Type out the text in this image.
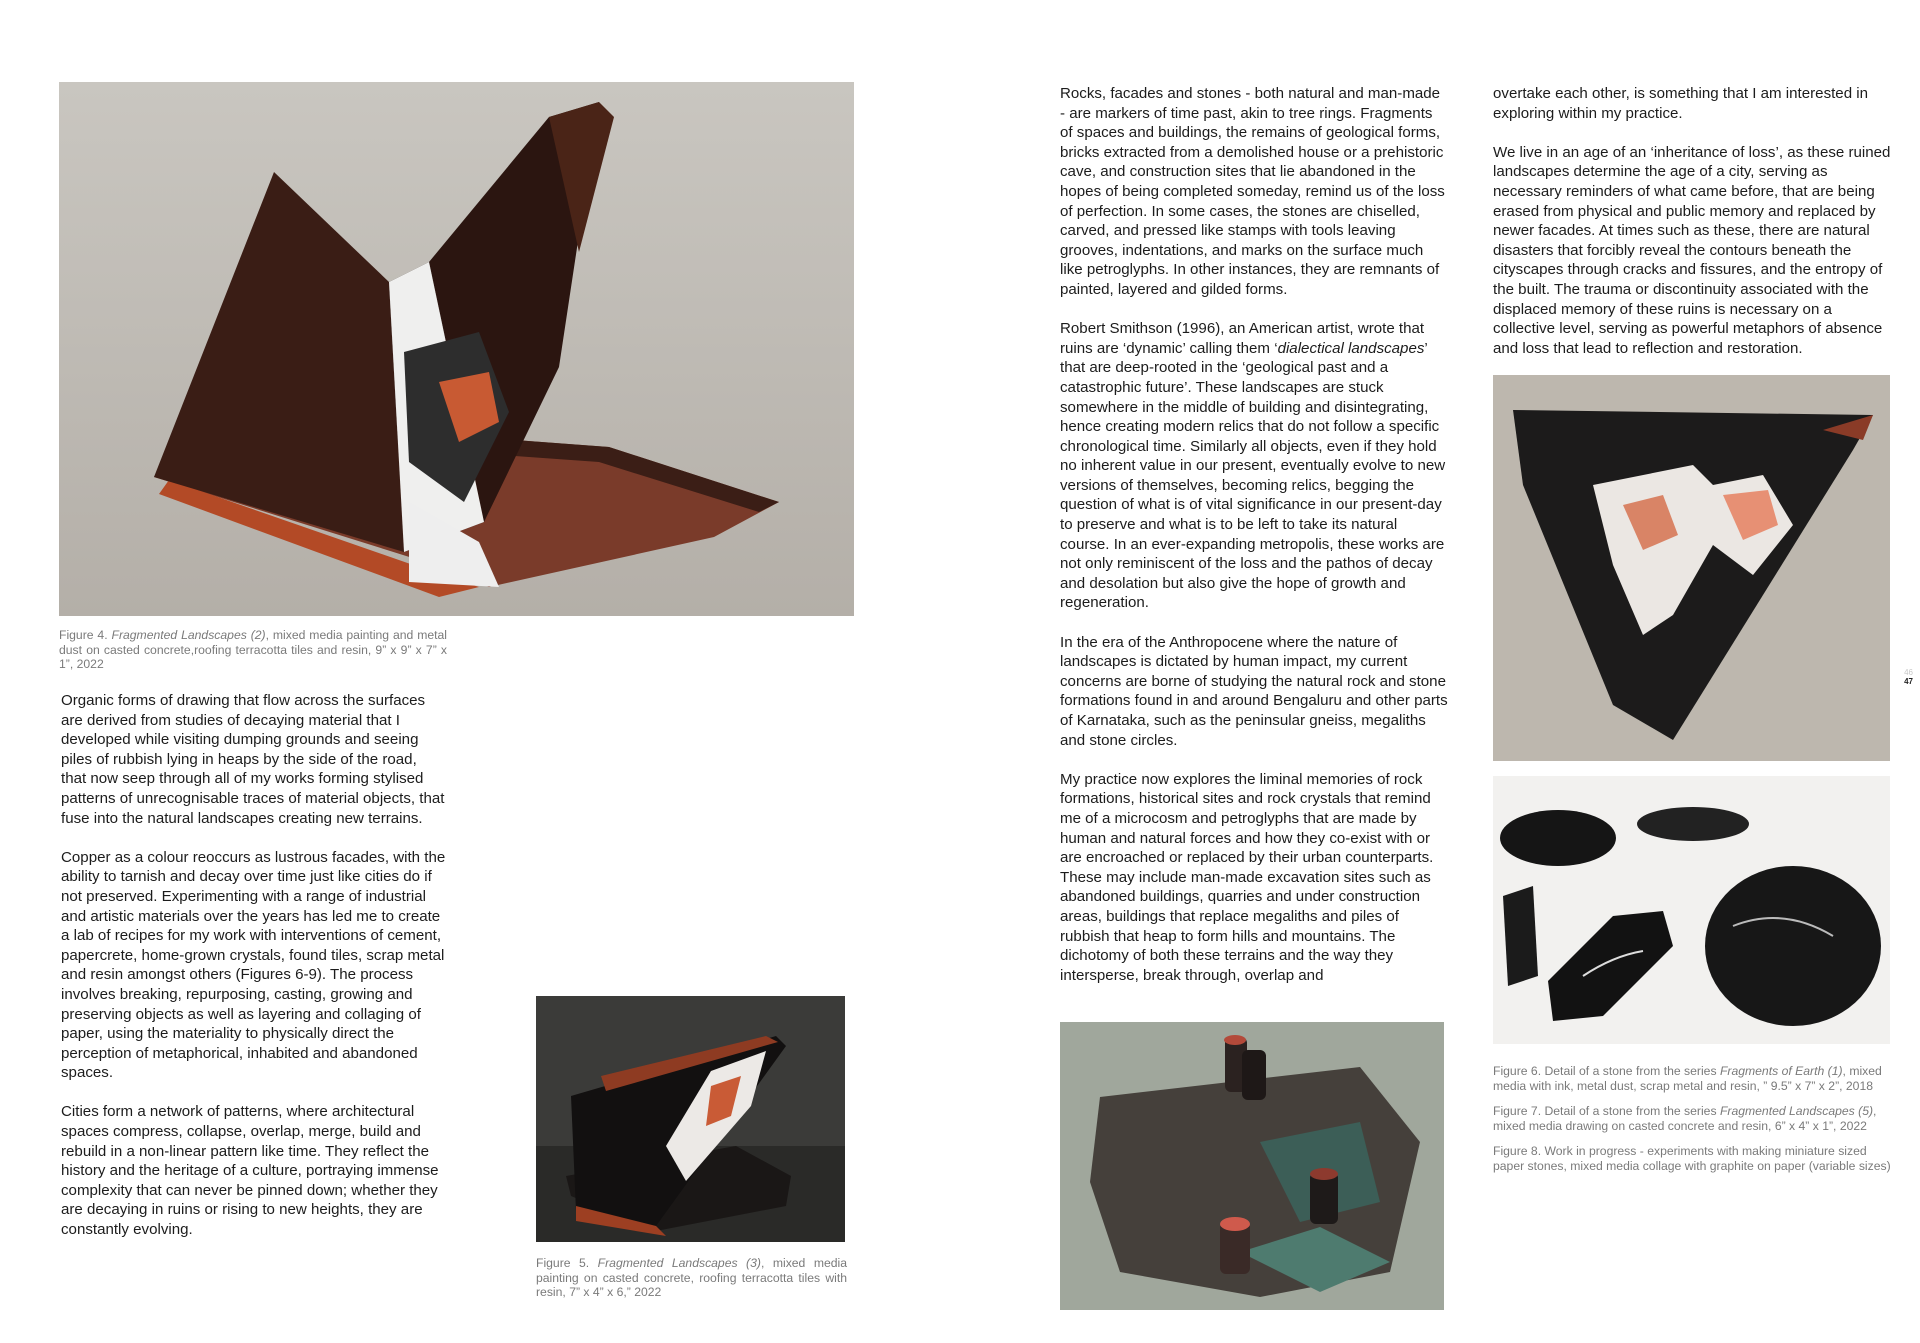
Figure 4. Fragmented Landscapes (2), mixed media painting and metal dust on casted concrete,roofing terracotta tiles and resin, 9” x 9” x 7” x 1”, 2022

Organic forms of drawing that flow across the surfaces are derived from studies of decaying material that I developed while visiting dumping grounds and seeing piles of rubbish lying in heaps by the side of the road, that now seep through all of my works forming stylised patterns of unrecognisable traces of material objects, that fuse into the natural landscapes creating new terrains.

Copper as a colour reoccurs as lustrous facades, with the ability to tarnish and decay over time just like cities do if not preserved. Experimenting with a range of industrial and artistic materials over the years has led me to create a lab of recipes for my work with interventions of cement, papercrete, home-grown crystals, found tiles, scrap metal and resin amongst others (Figures 6-9). The process involves breaking, repurposing, casting, growing and preserving objects as well as layering and collaging of paper, using the materiality to physically direct the perception of metaphorical, inhabited and abandoned spaces.

Cities form a network of patterns, where architectural spaces compress, collapse, overlap, merge, build and rebuild in a non-linear pattern like time. They reflect the history and the heritage of a culture, portraying immense complexity that can never be pinned down; whether they are decaying in ruins or rising to new heights, they are constantly evolving.

Figure 5. Fragmented Landscapes (3), mixed media painting on casted concrete, roofing terracotta tiles with resin, 7” x 4” x 6,” 2022

Rocks, facades and stones - both natural and man-made - are markers of time past, akin to tree rings. Fragments of spaces and buildings, the remains of geological forms, bricks extracted from a demolished house or a prehistoric cave, and construction sites that lie abandoned in the hopes of being completed someday, remind us of the loss of perfection. In some cases, the stones are chiselled, carved, and pressed like stamps with tools leaving grooves, indentations, and marks on the surface much like petroglyphs. In other instances, they are remnants of painted, layered and gilded forms.

Robert Smithson (1996), an American artist, wrote that ruins are ‘dynamic’ calling them ‘dialectical landscapes’ that are deep-rooted in the ‘geological past and a catastrophic future’. These landscapes are stuck somewhere in the middle of building and disintegrating, hence creating modern relics that do not follow a specific chronological time. Similarly all objects, even if they hold no inherent value in our present, eventually evolve to new versions of themselves, becoming relics, begging the question of what is of vital significance in our present-day to preserve and what is to be left to take its natural course. In an ever-expanding metropolis, these works are not only reminiscent of the loss and the pathos of decay and desolation but also give the hope of growth and regeneration.

In the era of the Anthropocene where the nature of landscapes is dictated by human impact, my current concerns are borne of studying the natural rock and stone formations found in and around Bengaluru and other parts of Karnataka, such as the peninsular gneiss, megaliths and stone circles.

My practice now explores the liminal memories of rock formations, historical sites and rock crystals that remind me of a microcosm and petroglyphs that are made by human and natural forces and how they co-exist with or are encroached or replaced by their urban counterparts. These may include man-made excavation sites such as abandoned buildings, quarries and under construction areas, buildings that replace megaliths and piles of rubbish that heap to form hills and mountains. The dichotomy of both these terrains and the way they intersperse, break through, overlap and

overtake each other, is something that I am interested in exploring within my practice.

We live in an age of an ‘inheritance of loss’, as these ruined landscapes determine the age of a city, serving as necessary reminders of what came before, that are being erased from physical and public memory and replaced by newer facades. At times such as these, there are natural disasters that forcibly reveal the contours beneath the cityscapes through cracks and fissures, and the entropy of the built. The trauma or discontinuity associated with the displaced memory of these ruins is necessary on a collective level, serving as powerful metaphors of absence and loss that lead to reflection and restoration.

Figure 6. Detail of a stone from the series Fragments of Earth (1), mixed media with ink, metal dust, scrap metal and resin, ” 9.5” x 7” x 2”, 2018

Figure 7. Detail of a stone from the series Fragmented Landscapes (5), mixed media drawing on casted concrete and resin, 6” x 4” x 1”, 2022

Figure 8. Work in progress - experiments with making miniature sized paper stones, mixed media collage with graphite on paper (variable sizes)

46
47
